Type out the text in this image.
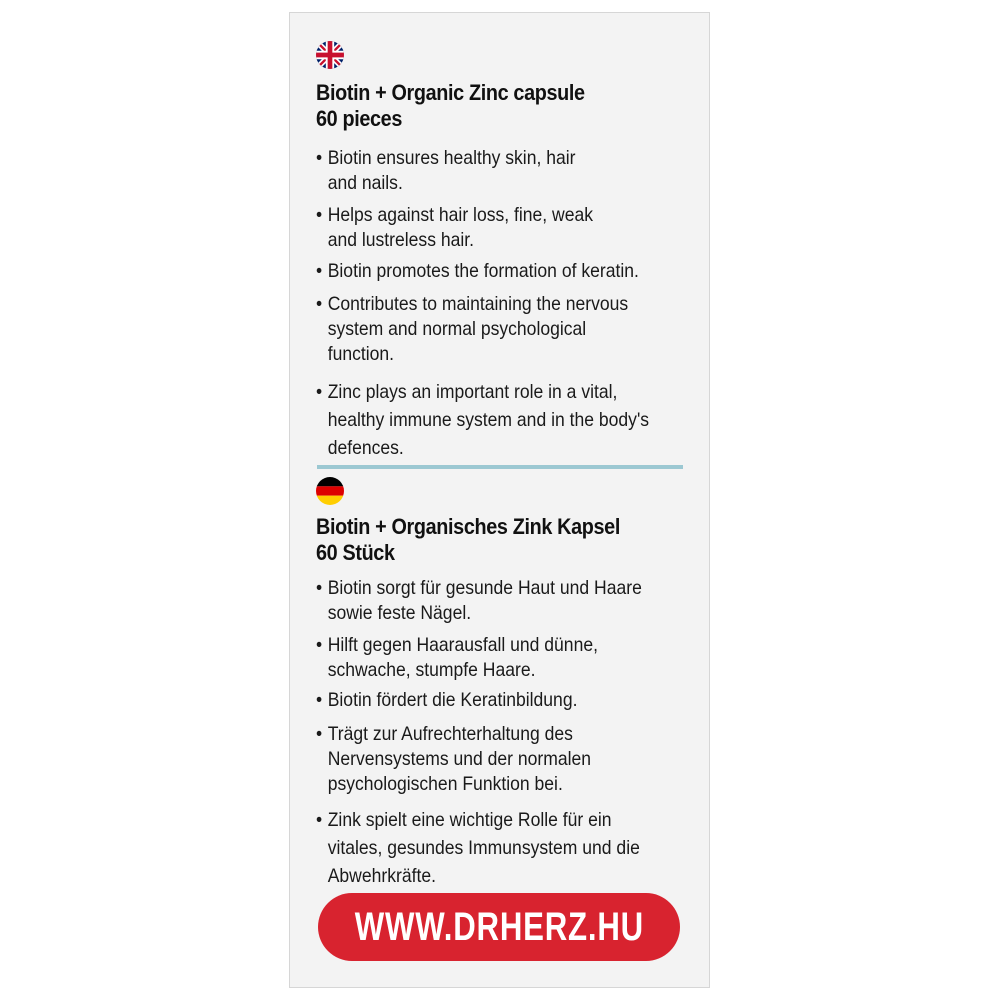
Biotin + Organic Zinc capsule
60 pieces
• Biotin ensures healthy skin, hair
and nails.
• Helps against hair loss, fine, weak
and lustreless hair.
• Biotin promotes the formation of keratin.
• Contributes to maintaining the nervous
system and normal psychological
function.
• Zinc plays an important role in a vital,
healthy immune system and in the body's
defences.
Biotin + Organisches Zink Kapsel
60 Stück
• Biotin sorgt für gesunde Haut und Haare
sowie feste Nägel.
• Hilft gegen Haarausfall und dünne,
schwache, stumpfe Haare.
• Biotin fördert die Keratinbildung.
• Trägt zur Aufrechterhaltung des
Nervensystems und der normalen
psychologischen Funktion bei.
• Zink spielt eine wichtige Rolle für ein
vitales, gesundes Immunsystem und die
Abwehrkräfte.
WWW.DRHERZ.HU
